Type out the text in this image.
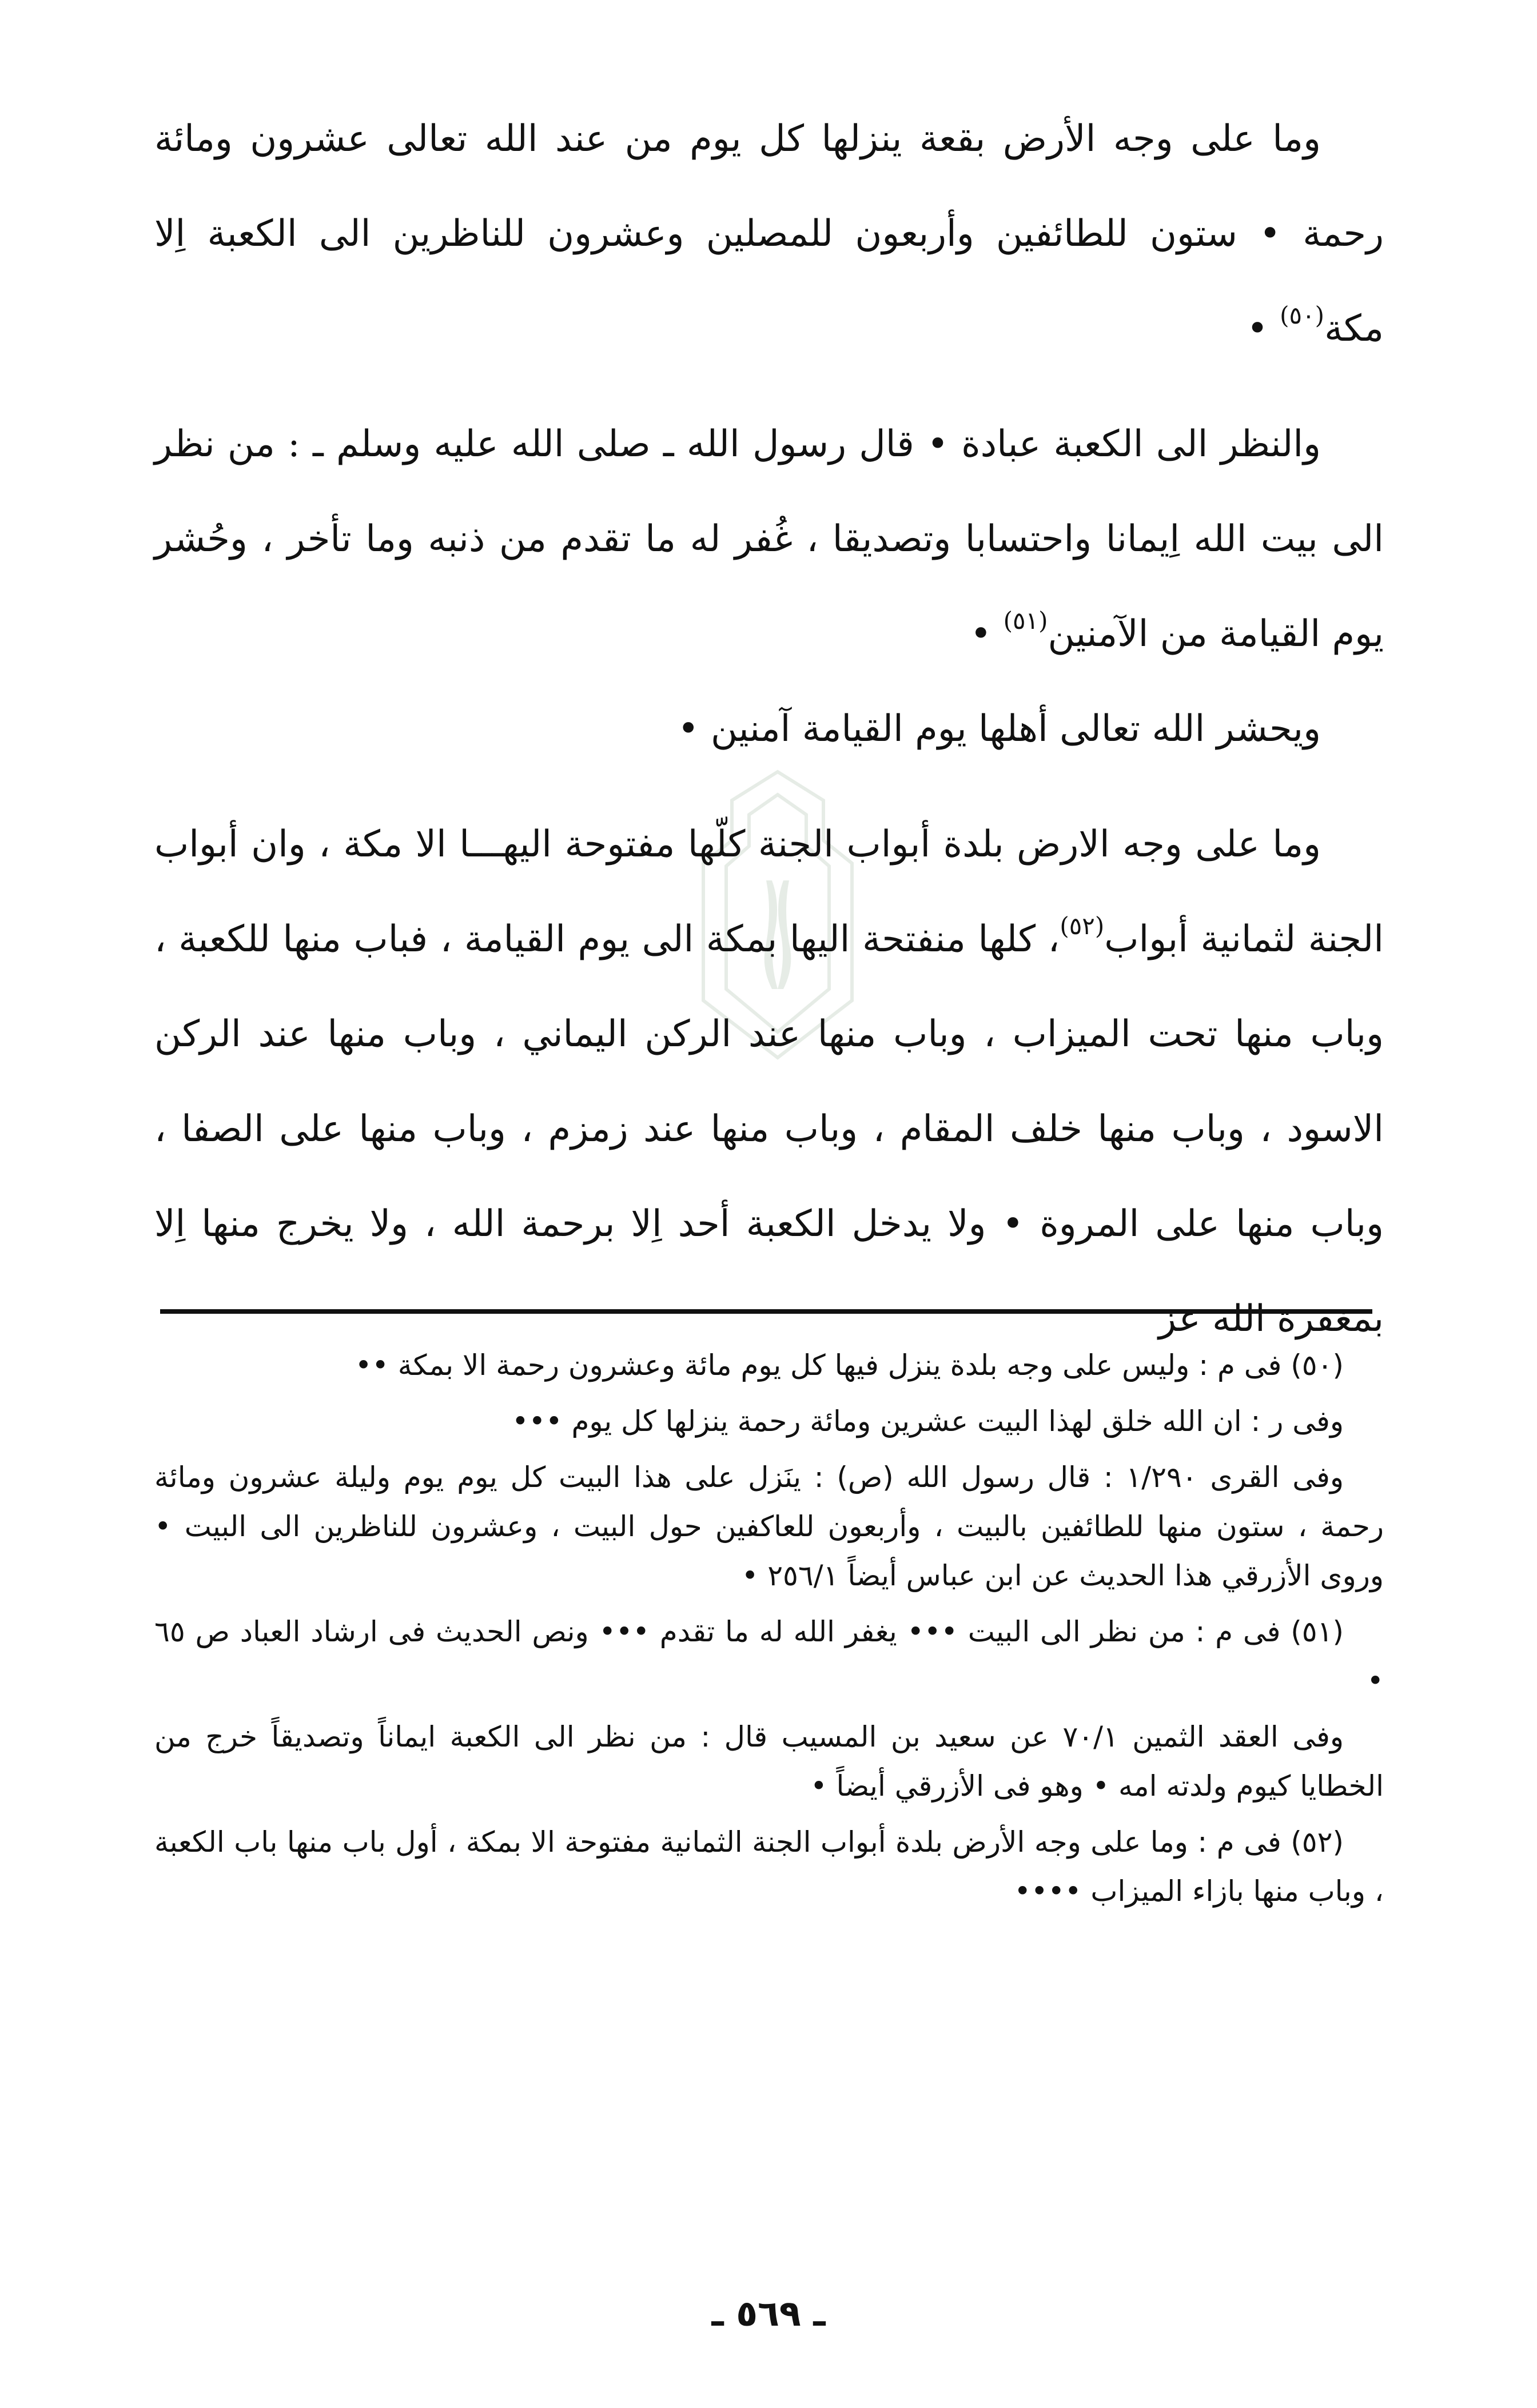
وما على وجه الأرض بقعة ينزلها كل يوم من عند الله تعالى عشرون ومائة رحمة • ستون للطائفين وأربعون للمصلين وعشرون للناظرين الى الكعبة اِلا مكة$^{(٥٠)}$ •

والنظر الى الكعبة عبادة • قال رسول الله ـ صلى الله عليه وسلم ـ : من نظر الى بيت الله اِيمانا واحتسابا وتصديقا ، غُفر له ما تقدم من ذنبه وما تأخر ، وحُشر يوم القيامة من الآمنين$^{(٥١)}$ •

ويحشر الله تعالى أهلها يوم القيامة آمنين •

وما على وجه الارض بلدة أبواب الجنة كلّها مفتوحة اليهـــا الا مكة ، وان أبواب الجنة لثمانية أبواب$^{(٥٢)}$، كلها منفتحة اليها بمكة الى يوم القيامة ، فباب منها للكعبة ، وباب منها تحت الميزاب ، وباب منها عند الركن اليماني ، وباب منها عند الركن الاسود ، وباب منها خلف المقام ، وباب منها عند زمزم ، وباب منها على الصفا ، وباب منها على المروة • ولا يدخل الكعبة أحد اِلا برحمة الله ، ولا يخرج منها اِلا بمغفرة الله عز

(٥٠) فى م : وليس على وجه بلدة ينزل فيها كل يوم مائة وعشرون رحمة الا بمكة ••

وفى ر : ان الله خلق لهذا البيت عشرين ومائة رحمة ينزلها كل يوم •••

وفى القرى ١/٢٩٠ : قال رسول الله (ص) : ينَزل على هذا البيت كل يوم يوم وليلة عشرون ومائة رحمة ، ستون منها للطائفين بالبيت ، وأربعون للعاكفين حول البيت ، وعشرون للناظرين الى البيت • وروى الأزرقي هذا الحديث عن ابن عباس أيضاً ٢٥٦/١ •

(٥١) فى م : من نظر الى البيت ••• يغفر الله له ما تقدم ••• ونص الحديث فى ارشاد العباد ص ٦٥ •

وفى العقد الثمين ٧٠/١ عن سعيد بن المسيب قال : من نظر الى الكعبة ايماناً وتصديقاً خرج من الخطايا كيوم ولدته امه • وهو فى الأزرقي أيضاً •

(٥٢) فى م : وما على وجه الأرض بلدة أبواب الجنة الثمانية مفتوحة الا بمكة ، أول باب منها باب الكعبة ، وباب منها بازاء الميزاب ••••

ـ ٥٦٩ ـ
